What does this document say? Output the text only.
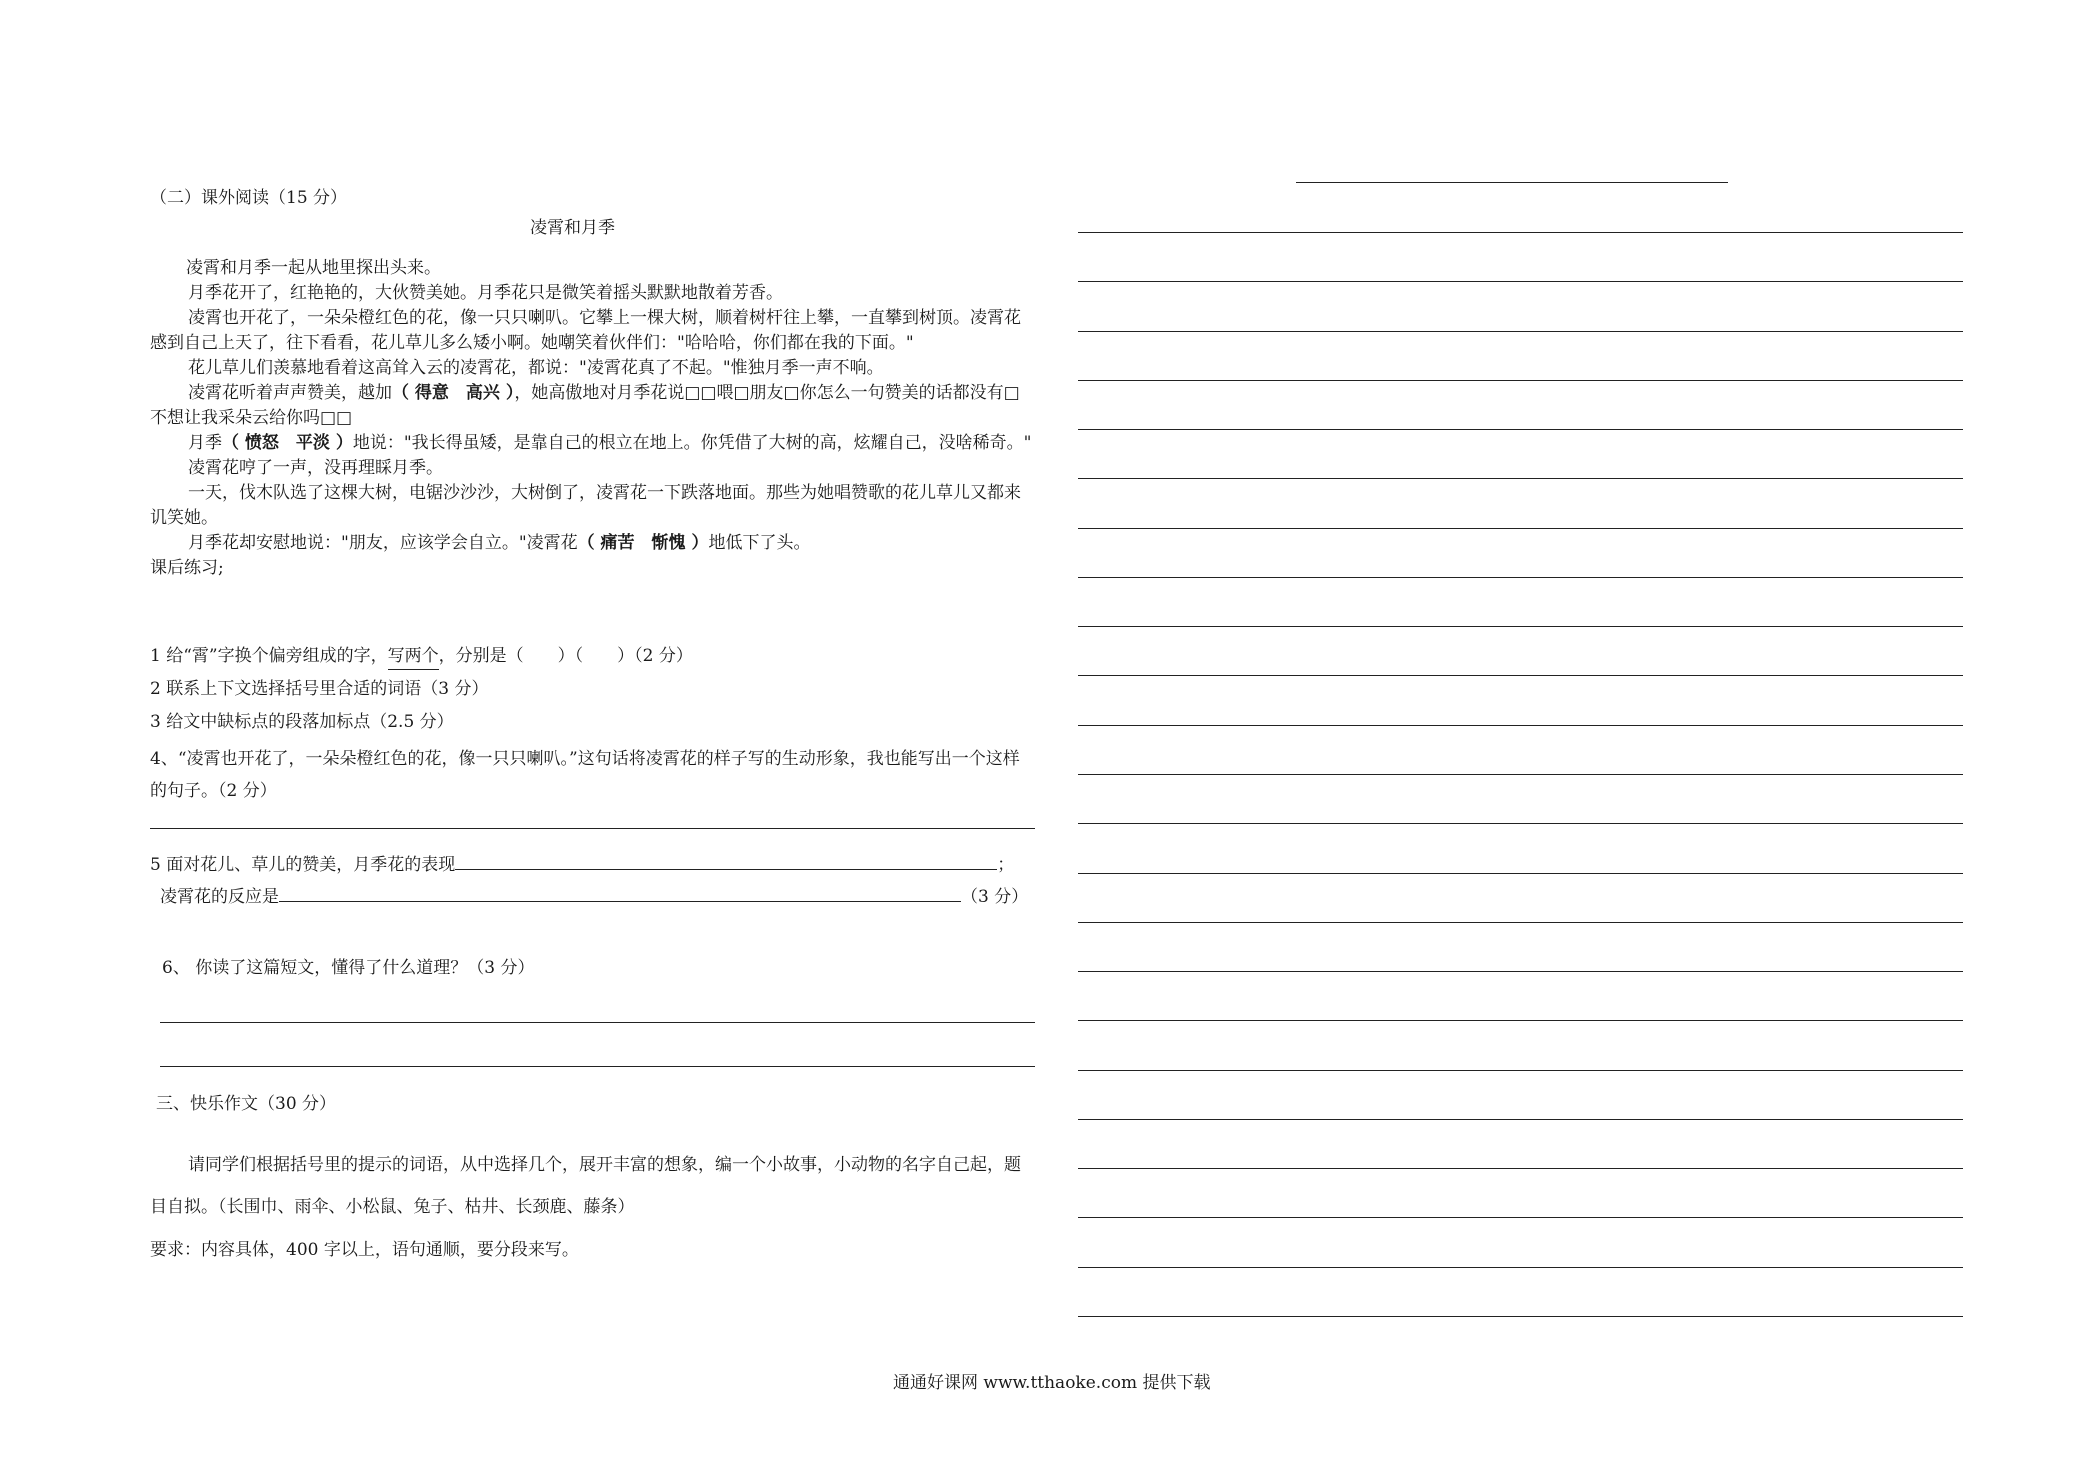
（二）课外阅读（15 分）
凌霄和月季

凌霄和月季一起从地里探出头来。

月季花开了，红艳艳的，大伙赞美她。月季花只是微笑着摇头默默地散着芳香。

凌霄也开花了，一朵朵橙红色的花，像一只只喇叭。它攀上一棵大树，顺着树杆往上攀，一直攀到树顶。凌霄花感到自己上天了，往下看看，花儿草儿多么矮小啊。她嘲笑着伙伴们："哈哈哈，你们都在我的下面。"

花儿草儿们羡慕地看着这高耸入云的凌霄花，都说："凌霄花真了不起。"惟独月季一声不响。

凌霄花听着声声赞美，越加（ 得意　高兴 ），她高傲地对月季花说□□喂□朋友□你怎么一句赞美的话都没有□不想让我采朵云给你吗□□

月季（ 愤怒　平淡 ）地说："我长得虽矮，是靠自己的根立在地上。你凭借了大树的高，炫耀自己，没啥稀奇。"

凌霄花哼了一声，没再理睬月季。

一天，伐木队选了这棵大树，电锯沙沙沙，大树倒了，凌霄花一下跌落地面。那些为她唱赞歌的花儿草儿又都来讥笑她。

月季花却安慰地说："朋友，应该学会自立。"凌霄花（ 痛苦　惭愧 ）地低下了头。

课后练习;

1 给“霄”字换个偏旁组成的字，写两个，分别是（　　）（　　）（2 分）
2 联系上下文选择括号里合适的词语（3 分）
3 给文中缺标点的段落加标点（2.5 分）
4、“凌霄也开花了，一朵朵橙红色的花，像一只只喇叭。”这句话将凌霄花的样子写的生动形象，我也能写出一个这样的句子。（2 分）
5 面对花儿、草儿的赞美，月季花的表现	；
凌霄花的反应是	（3 分）
6、 你读了这篇短文，懂得了什么道理？（3 分）
三、快乐作文（30 分）
请同学们根据括号里的提示的词语，从中选择几个，展开丰富的想象，编一个小故事，小动物的名字自己起，题目自拟。（长围巾、雨伞、小松鼠、兔子、枯井、长颈鹿、藤条）
要求：内容具体，400 字以上，语句通顺，要分段来写。
通通好课网 www.tthaoke.com 提供下载
